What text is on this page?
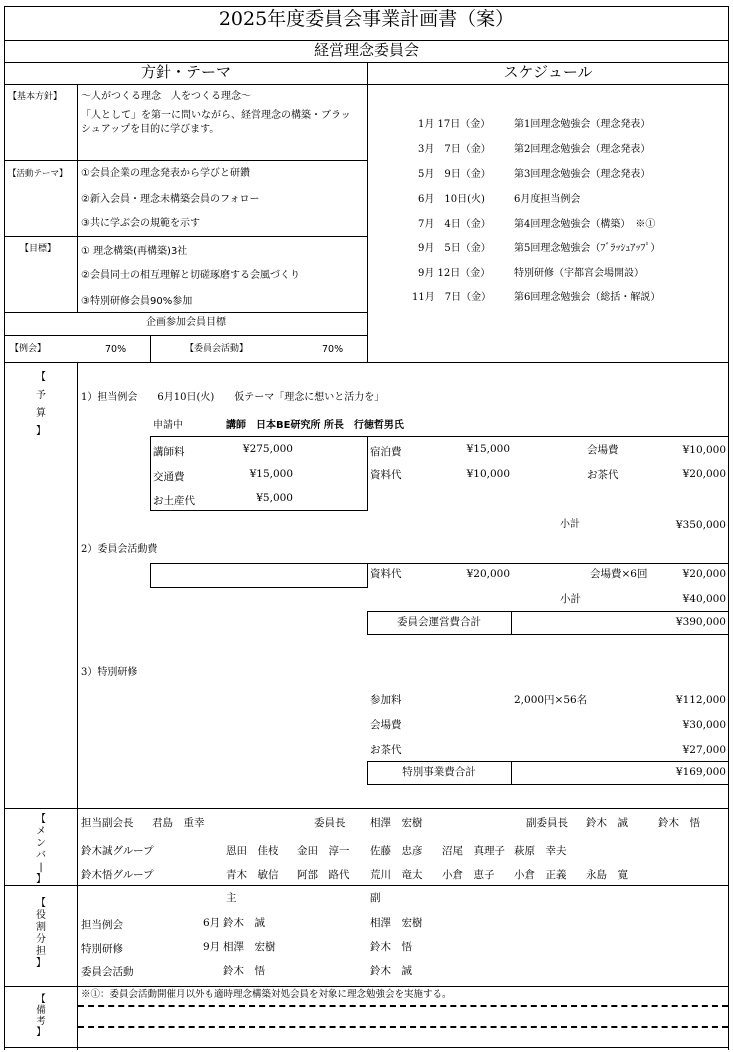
2025年度委員会事業計画書（案）
経営理念委員会
方針・テーマ	スケジュール
【基本方針】 ～人がつくる理念　人をつくる理念～
「人として」を第一に問いながら、経営理念の構築・ブラッ
シュアップを目的に学びます。
【活動テーマ】 ①会員企業の理念発表から学びと研鑽
②新入会員・理念未構築会員のフォロー
③共に学ぶ会の規範を示す
【目標】 ① 理念構築(再構築)3社
②会員同士の相互理解と切磋琢磨する会風づくり
③特別研修会員90%参加
企画参加会員目標
【例会】	70%	【委員会活動】	70%
1月 17日（金） 第1回理念勉強会（理念発表）
3月　7日（金） 第2回理念勉強会（理念発表）
5月　9日（金） 第3回理念勉強会（理念発表）
6月　10日(火)	6月度担当例会
7月　4日（金） 第4回理念勉強会（構築）　※①
9月　5日（金） 第5回理念勉強会（ﾌﾞﾗｯｼｭｱｯﾌﾟ）
9月 12日（金） 特別研修（宇都宮会場開設）
11月　7日（金） 第6回理念勉強会（総括・解説）
【
予
算
】
1）担当例会　　6月10日(火)　　仮テーマ「理念に想いと活力を」
申請中	講師　日本BE研究所 所長　行徳哲男氏
講師料	¥275,000	宿泊費	¥15,000	会場費	¥10,000
交通費	¥15,000	資料代	¥10,000	お茶代	¥20,000
お土産代	¥5,000
小計	¥350,000
2）委員会活動費
資料代	¥20,000	会場費×6回	¥20,000
小計	¥40,000
委員会運営費合計	¥390,000
3）特別研修
参加料	2,000円×56名	¥112,000
会場費	¥30,000
お茶代	¥27,000
特別事業費合計	¥169,000
【
メ
ン
バ
|
】
担当副会長 君島　重幸	委員長 相澤　宏樹	副委員長 鈴木　誠	鈴木　悟
鈴木誠グループ	恩田　佳枝 金田　淳一 佐藤　忠彦 沼尾　真理子 萩原　幸夫
鈴木悟グループ	青木　敏信 阿部　路代 荒川　竜太 小倉　恵子 小倉　正義 永島　寛
【
役
割
分
担
】
主	副
担当例会	6月 鈴木　誠	相澤　宏樹
特別研修	9月 相澤　宏樹	鈴木　悟
委員会活動	鈴木　悟	鈴木　誠
【
備
考
】
※①：委員会活動開催月以外も適時理念構築対処会員を対象に理念勉強会を実施する。
